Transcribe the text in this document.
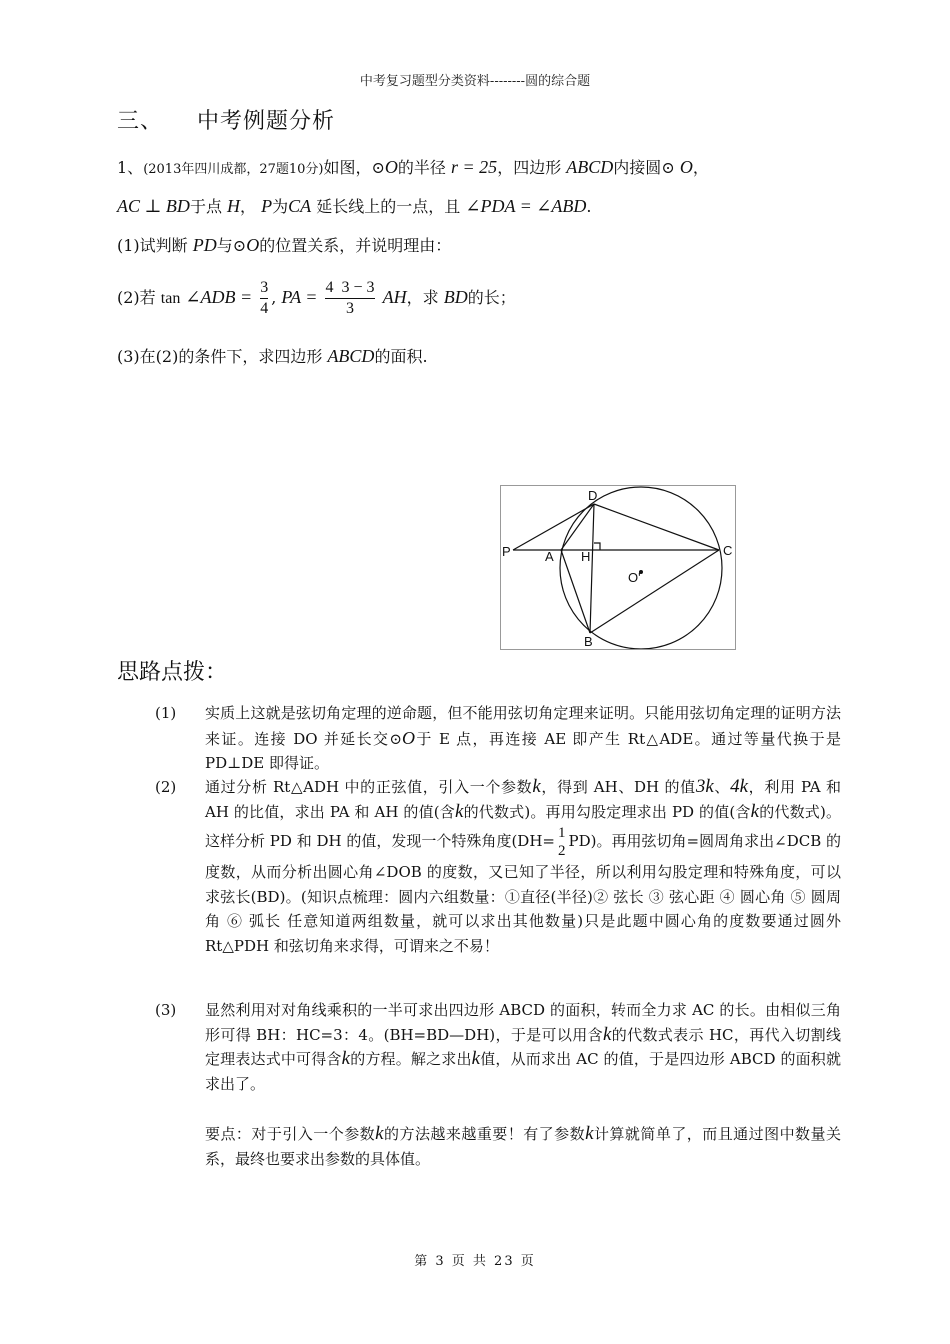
中考复习题型分类资料--------圆的综合题
三、 中考例题分析
1、(2013年四川成都，27题10分)如图，⊙O的半径 r = 25，四边形 ABCD内接圆⊙ O，
AC ⊥ BD于点 H， P为CA 延长线上的一点，且 ∠PDA = ∠ABD.
(1)试判断 PD与⊙O的位置关系，并说明理由：
(2)若 tan ∠ADB = $\frac{3}{4}$ , PA = $\frac{4 3 - 3}{3}$ AH，求 BD的长；
(3)在(2)的条件下，求四边形 ABCD的面积.
D
P	A H	C
O'
B
思路点拨：
(1)	实质上这就是弦切角定理的逆命题，但不能用弦切角定理来证明。只能用弦切角定理的证明方法来证。连接 DO 并延长交⊙O于 E 点，再连接 AE 即产生 Rt△ADE。通过等量代换于是 PD⊥DE 即得证。
(2)	通过分析 Rt△ADH 中的正弦值，引入一个参数k，得到 AH、DH 的值3k、4k，利用 PA 和 AH 的比值，求出 PA 和 AH 的值(含k的代数式)。再用勾股定理求出 PD 的值(含k的代数式)。这样分析 PD 和 DH 的值，发现一个特殊角度(DH= 1
2
PD)。再用弦切角=圆周角求出∠DCB 的度数，从而分析出圆心角∠DOB 的度数，又已知了半径，所以利用勾股定理和特殊角度，可以求弦长(BD)。(知识点梳理：圆内六组数量：①直径(半径)② 弦长 ③ 弦心距 ④ 圆心角 ⑤ 圆周角 ⑥ 弧长 任意知道两组数量，就可以求出其他数量)只是此题中圆心角的度数要通过圆外 Rt△PDH 和弦切角来求得，可谓来之不易！
(3)	显然利用对对角线乘积的一半可求出四边形 ABCD 的面积，转而全力求 AC 的长。由相似三角形可得 BH：HC=3：4。(BH=BD—DH)，于是可以用含k的代数式表示 HC，再代入切割线定理表达式中可得含k的方程。解之求出k值，从而求出 AC 的值，于是四边形 ABCD 的面积就求出了。
要点：对于引入一个参数k的方法越来越重要！有了参数k计算就简单了，而且通过图中数量关系，最终也要求出参数的具体值。
第 3 页 共 23 页
